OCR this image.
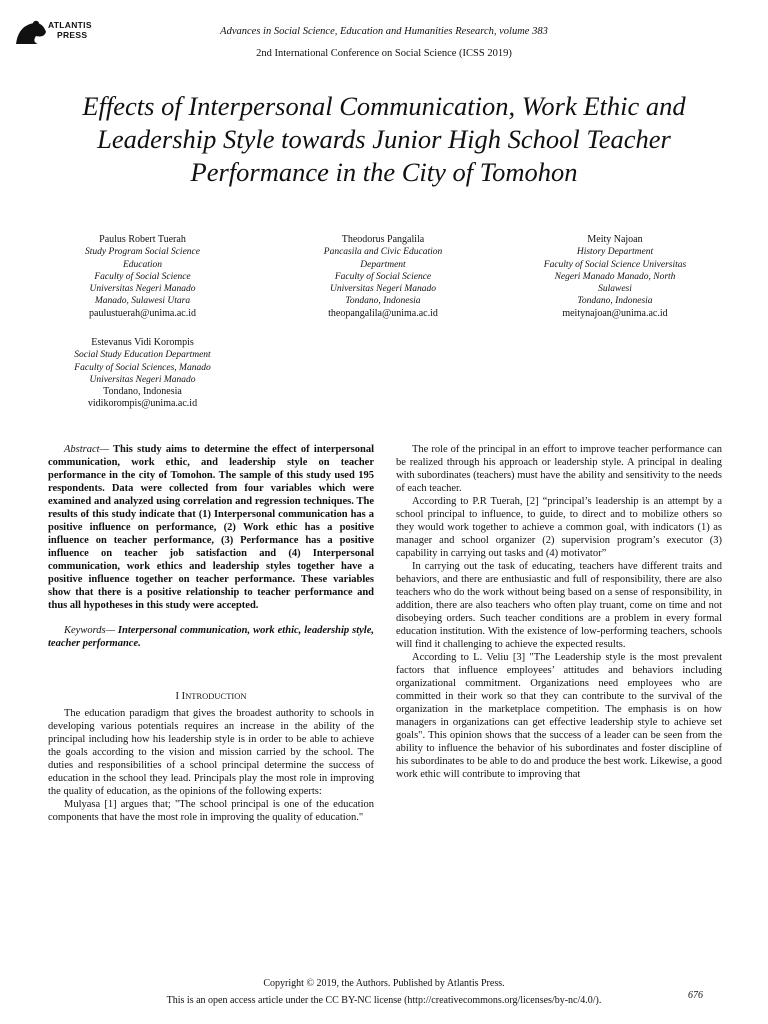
ATLANTIS
PRESS	Advances in Social Science, Education and Humanities Research, volume 383
2nd International Conference on Social Science (ICSS 2019)
Effects of Interpersonal Communication, Work Ethic and Leadership Style towards Junior High School Teacher Performance in the City of Tomohon
Paulus Robert Tuerah
Study Program Social Science
Education
Faculty of Social Science
Universitas Negeri Manado
Manado, Sulawesi Utara
paulustuerah@unima.ac.id
Theodorus Pangalila
Pancasila and Civic Education
Department
Faculty of Social Science
Universitas Negeri Manado
Tondano, Indonesia
theopangalila@unima.ac.id
Meity Najoan
History Department
Faculty of Social Science Universitas
Negeri Manado Manado, North
Sulawesi
Tondano, Indonesia
meitynajoan@unima.ac.id
Estevanus Vidi Korompis
Social Study Education Department
Faculty of Social Sciences, Manado
Universitas Negeri Manado
Tondano, Indonesia
vidikorompis@unima.ac.id

Abstract— This study aims to determine the effect of interpersonal communication, work ethic, and leadership style on teacher performance in the city of Tomohon. The sample of this study used 195 respondents. Data were collected from four variables which were examined and analyzed using correlation and regression techniques. The results of this study indicate that (1) Interpersonal communication has a positive influence on performance, (2) Work ethic has a positive influence on teacher performance, (3) Performance has a positive influence on teacher job satisfaction and (4) Interpersonal communication, work ethics and leadership styles together have a positive influence together on teacher performance. These variables show that there is a positive relationship to teacher performance and thus all hypotheses in this study were accepted.

Keywords— Interpersonal communication, work ethic, leadership style, teacher performance.

I INTRODUCTION

The education paradigm that gives the broadest authority to schools in developing various potentials requires an increase in the ability of the principal including how his leadership style is in order to be able to achieve the goals according to the vision and mission carried by the school. The duties and responsibilities of a school principal determine the success of education in the school they lead. Principals play the most role in improving the quality of education, as the opinions of the following experts:

Mulyasa [1] argues that; "The school principal is one of the education components that have the most role in improving the quality of education."

The role of the principal in an effort to improve teacher performance can be realized through his approach or leadership style. A principal in dealing with subordinates (teachers) must have the ability and sensitivity to the needs of each teacher.

According to P.R Tuerah, [2] “principal’s leadership is an attempt by a school principal to influence, to guide, to direct and to mobilize others so they would work together to achieve a common goal, with indicators (1) as manager and school organizer (2) supervision program’s executor (3) capability in carrying out tasks and (4) motivator”

In carrying out the task of educating, teachers have different traits and behaviors, and there are enthusiastic and full of responsibility, there are also teachers who do the work without being based on a sense of responsibility, in addition, there are also teachers who often play truant, come on time and not disobeying orders. Such teacher conditions are a problem in every formal education institution. With the existence of low-performing teachers, schools will find it challenging to achieve the expected results.

According to L. Veliu [3] "The Leadership style is the most prevalent factors that influence employees’ attitudes and behaviors including organizational commitment. Organizations need employees who are committed in their work so that they can contribute to the survival of the organization in the marketplace competition. The emphasis is on how managers in organizations can get effective leadership style to achieve set goals". This opinion shows that the success of a leader can be seen from the ability to influence the behavior of his subordinates and foster discipline of his subordinates to be able to do and produce the best work. Likewise, a good work ethic will contribute to improving that

Copyright © 2019, the Authors. Published by Atlantis Press.
This is an open access article under the CC BY-NC license (http://creativecommons.org/licenses/by-nc/4.0/).	676
